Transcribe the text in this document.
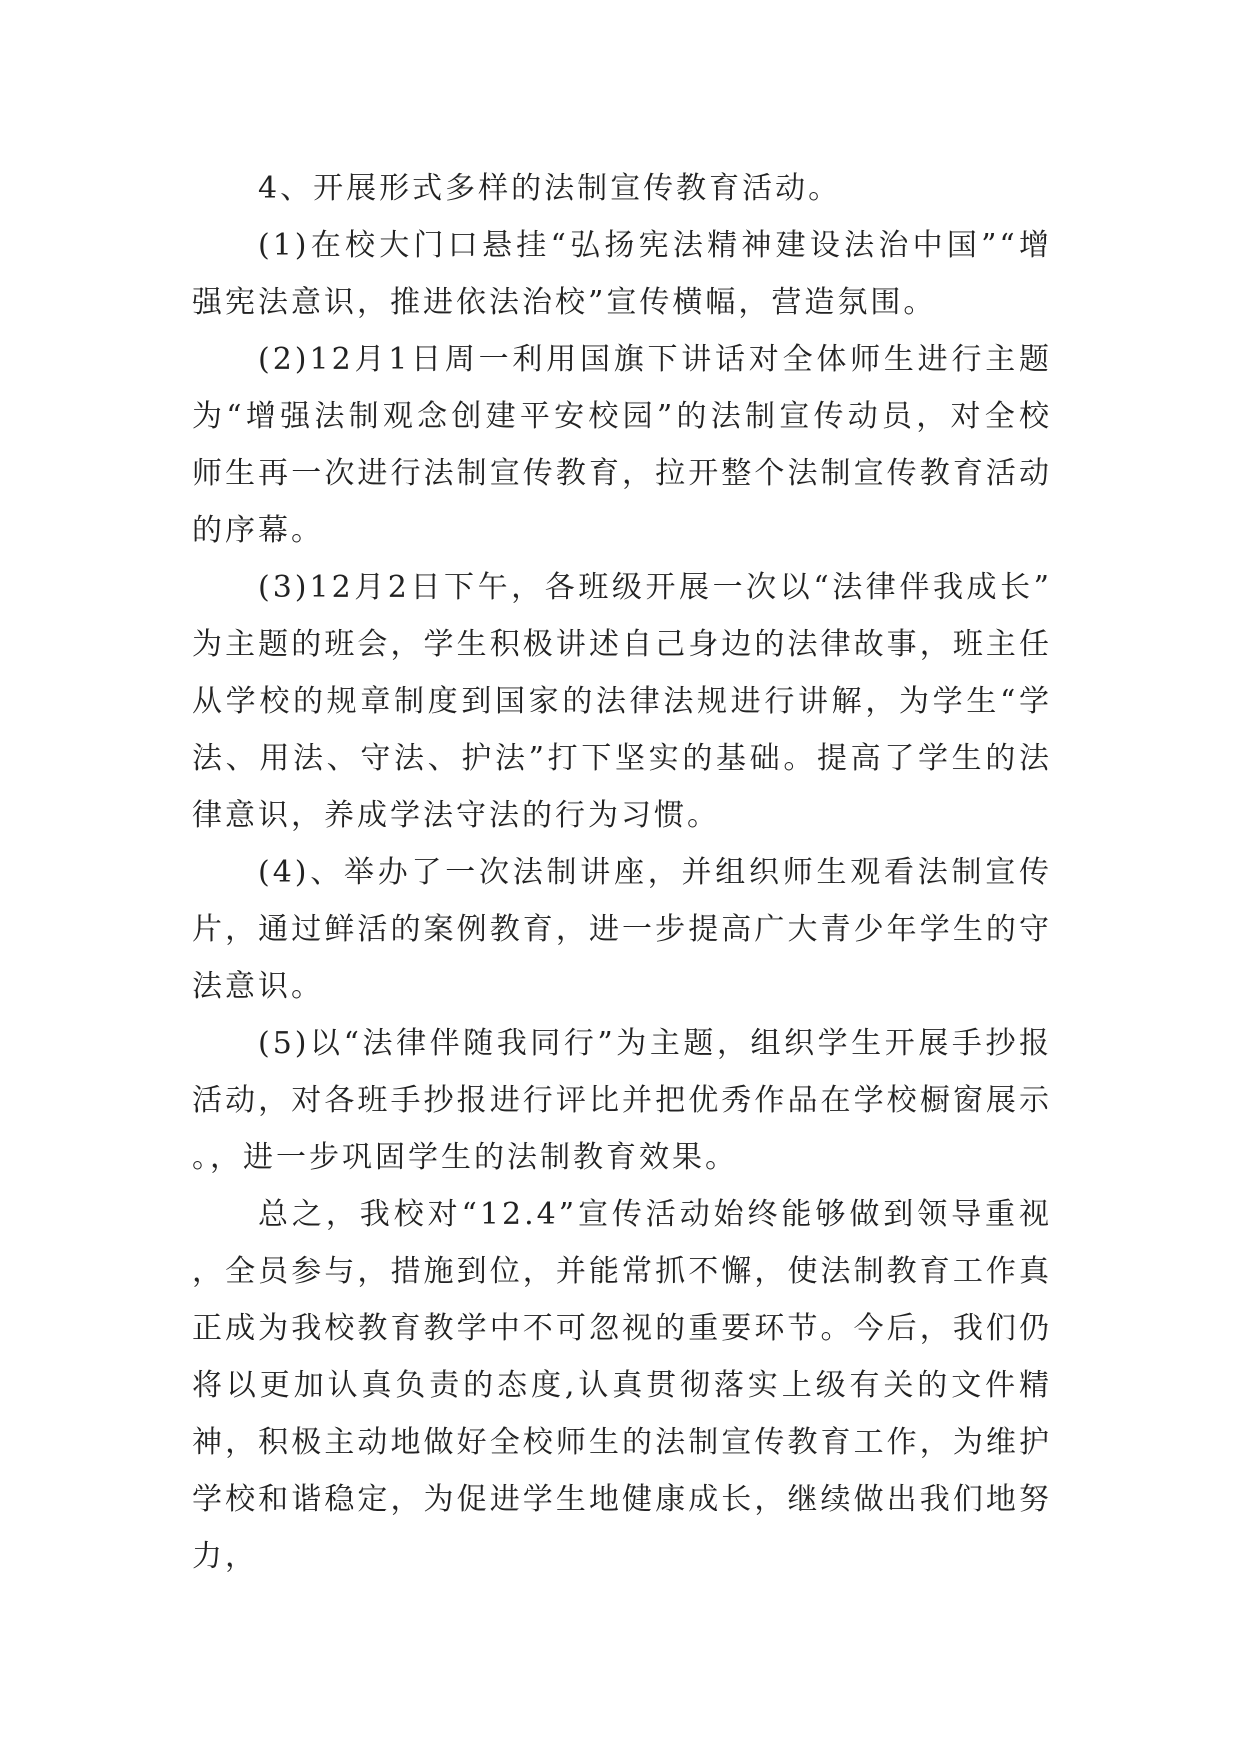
4、开展形式多样的法制宣传教育活动。

(1)在校大门口悬挂“弘扬宪法精神建设法治中国”“增强宪法意识，推进依法治校”宣传横幅，营造氛围。

(2)12月1日周一利用国旗下讲话对全体师生进行主题为“增强法制观念创建平安校园”的法制宣传动员，对全校师生再一次进行法制宣传教育，拉开整个法制宣传教育活动的序幕。

(3)12月2日下午，各班级开展一次以“法律伴我成长”为主题的班会，学生积极讲述自己身边的法律故事，班主任从学校的规章制度到国家的法律法规进行讲解，为学生“学法、用法、守法、护法”打下坚实的基础。提高了学生的法律意识，养成学法守法的行为习惯。

(4)、举办了一次法制讲座，并组织师生观看法制宣传片，通过鲜活的案例教育，进一步提高广大青少年学生的守法意识。

(5)以“法律伴随我同行”为主题，组织学生开展手抄报活动，对各班手抄报进行评比并把优秀作品在学校橱窗展示。，进一步巩固学生的法制教育效果。

总之，我校对“12.4”宣传活动始终能够做到领导重视，全员参与，措施到位，并能常抓不懈，使法制教育工作真正成为我校教育教学中不可忽视的重要环节。今后，我们仍将以更加认真负责的态度,认真贯彻落实上级有关的文件精神，积极主动地做好全校师生的法制宣传教育工作，为维护学校和谐稳定，为促进学生地健康成长，继续做出我们地努力，
